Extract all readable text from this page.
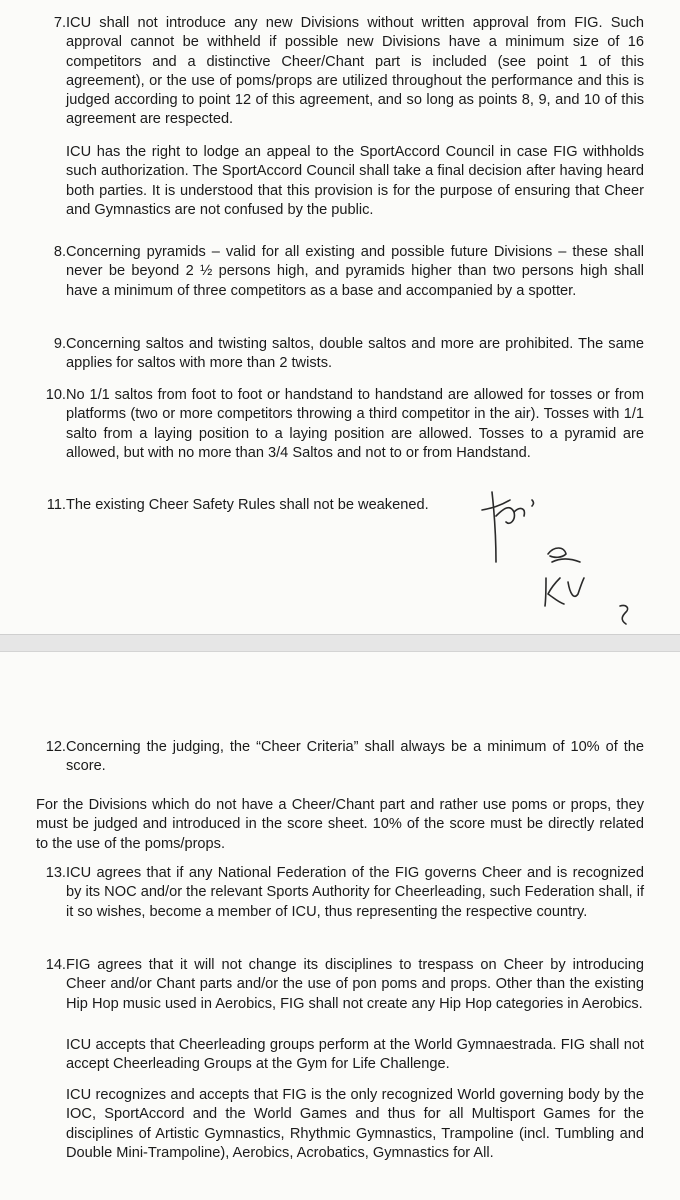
7. ICU shall not introduce any new Divisions without written approval from FIG. Such approval cannot be withheld if possible new Divisions have a minimum size of 16 competitors and a distinctive Cheer/Chant part is included (see point 1 of this agreement), or the use of poms/props are utilized throughout the performance and this is judged according to point 12 of this agreement, and so long as points 8, 9, and 10 of this agreement are respected.

ICU has the right to lodge an appeal to the SportAccord Council in case FIG withholds such authorization. The SportAccord Council shall take a final decision after having heard both parties. It is understood that this provision is for the purpose of ensuring that Cheer and Gymnastics are not confused by the public.

8. Concerning pyramids – valid for all existing and possible future Divisions – these shall never be beyond 2 ½ persons high, and pyramids higher than two persons high shall have a minimum of three competitors as a base and accompanied by a spotter.

9. Concerning saltos and twisting saltos, double saltos and more are prohibited. The same applies for saltos with more than 2 twists.

10. No 1/1 saltos from foot to foot or handstand to handstand are allowed for tosses or from platforms (two or more competitors throwing a third competitor in the air). Tosses with 1/1 salto from a laying position to a laying position are allowed. Tosses to a pyramid are allowed, but with no more than 3/4 Saltos and not to or from Handstand.

11. The existing Cheer Safety Rules shall not be weakened.

12. Concerning the judging, the “Cheer Criteria” shall always be a minimum of 10% of the score.

For the Divisions which do not have a Cheer/Chant part and rather use poms or props, they must be judged and introduced in the score sheet. 10% of the score must be directly related to the use of the poms/props.

13. ICU agrees that if any National Federation of the FIG governs Cheer and is recognized by its NOC and/or the relevant Sports Authority for Cheerleading, such Federation shall, if it so wishes, become a member of ICU, thus representing the respective country.

14. FIG agrees that it will not change its disciplines to trespass on Cheer by introducing Cheer and/or Chant parts and/or the use of pon poms and props. Other than the existing Hip Hop music used in Aerobics, FIG shall not create any Hip Hop categories in Aerobics.

ICU accepts that Cheerleading groups perform at the World Gymnaestrada. FIG shall not accept Cheerleading Groups at the Gym for Life Challenge.

ICU recognizes and accepts that FIG is the only recognized World governing body by the IOC, SportAccord and the World Games and thus for all Multisport Games for the disciplines of Artistic Gymnastics, Rhythmic Gymnastics, Trampoline (incl. Tumbling and Double Mini-Trampoline), Aerobics, Acrobatics, Gymnastics for All.
